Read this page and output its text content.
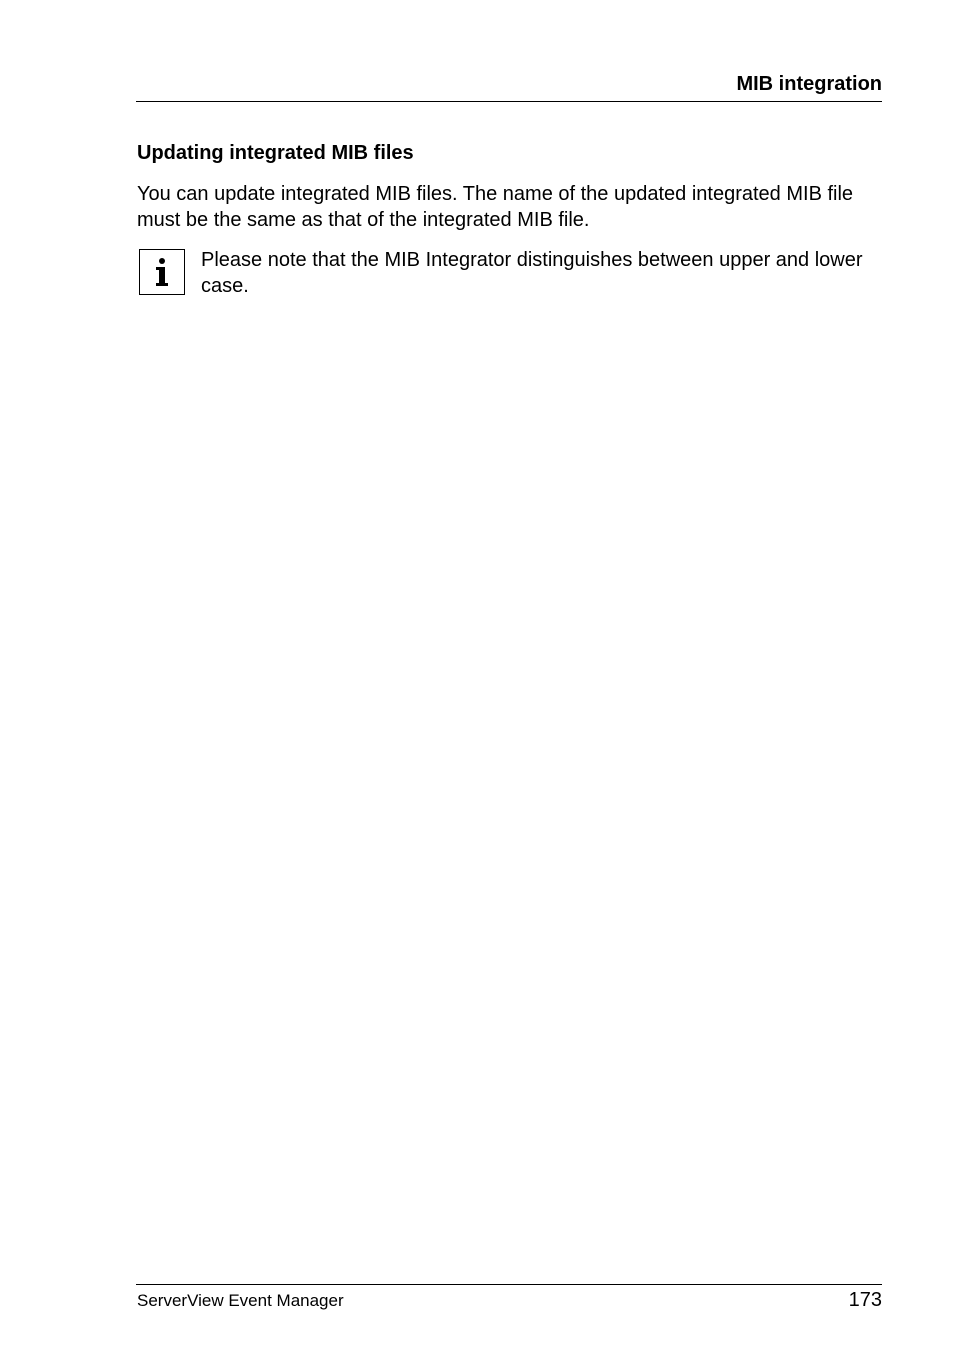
MIB integration
Updating integrated MIB files
You can update integrated MIB files. The name of the updated integrated MIB file must be the same as that of the integrated MIB file.
Please note that the MIB Integrator distinguishes between upper and lower case.
ServerView Event Manager	173
